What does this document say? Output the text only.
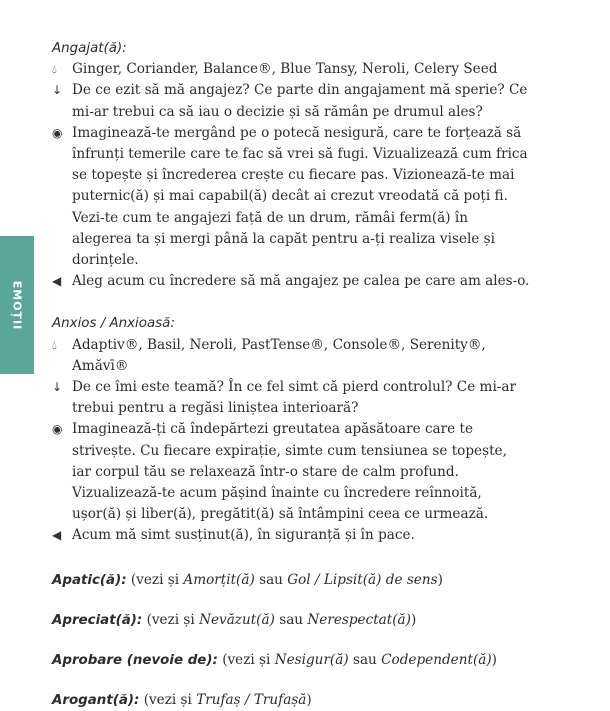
EMOȚII

Angajat(ă):

💧︎	Ginger, Coriander, Balance®, Blue Tansy, Neroli, Celery Seed
↓ De ce ezit să mă angajez? Ce parte din angajament mă sperie? Ce mi-ar trebui ca să iau o decizie și să rămân pe drumul ales?
◉ Imaginează-te mergând pe o potecă nesigură, care te forțează să înfrunți temerile care te fac să vrei să fugi. Vizualizează cum frica se topește și încrederea crește cu fiecare pas. Vizionează-te mai puternic(ă) și mai capabil(ă) decât ai crezut vreodată că poți fi. Vezi-te cum te angajezi față de un drum, rămâi ferm(ă) în alegerea ta și mergi până la capăt pentru a-ți realiza visele și dorințele.
◀ Aleg acum cu încredere să mă angajez pe calea pe care am ales-o.

Anxios / Anxioasă:

💧︎	Adaptiv®, Basil, Neroli, PastTense®, Console®, Serenity®, Amăvī®
↓ De ce îmi este teamă? În ce fel simt că pierd controlul? Ce mi-ar trebui pentru a regăsi liniștea interioară?
◉ Imaginează-ți că îndepărtezi greutatea apăsătoare care te strivește. Cu fiecare expirație, simte cum tensiunea se topește, iar corpul tău se relaxează într-o stare de calm profund. Vizualizează-te acum pășind înainte cu încredere reînnoită, ușor(ă) și liber(ă), pregătit(ă) să întâmpini ceea ce urmează.
◀ Acum mă simt susținut(ă), în siguranță și în pace.
Apatic(ă): (vezi și Amorțit(ă) sau Gol / Lipsit(ă) de sens)
Apreciat(ă): (vezi și Nevăzut(ă) sau Nerespectat(ă))
Aprobare (nevoie de): (vezi și Nesigur(ă) sau Codependent(ă))
Arogant(ă): (vezi și Trufaș / Trufașă)
